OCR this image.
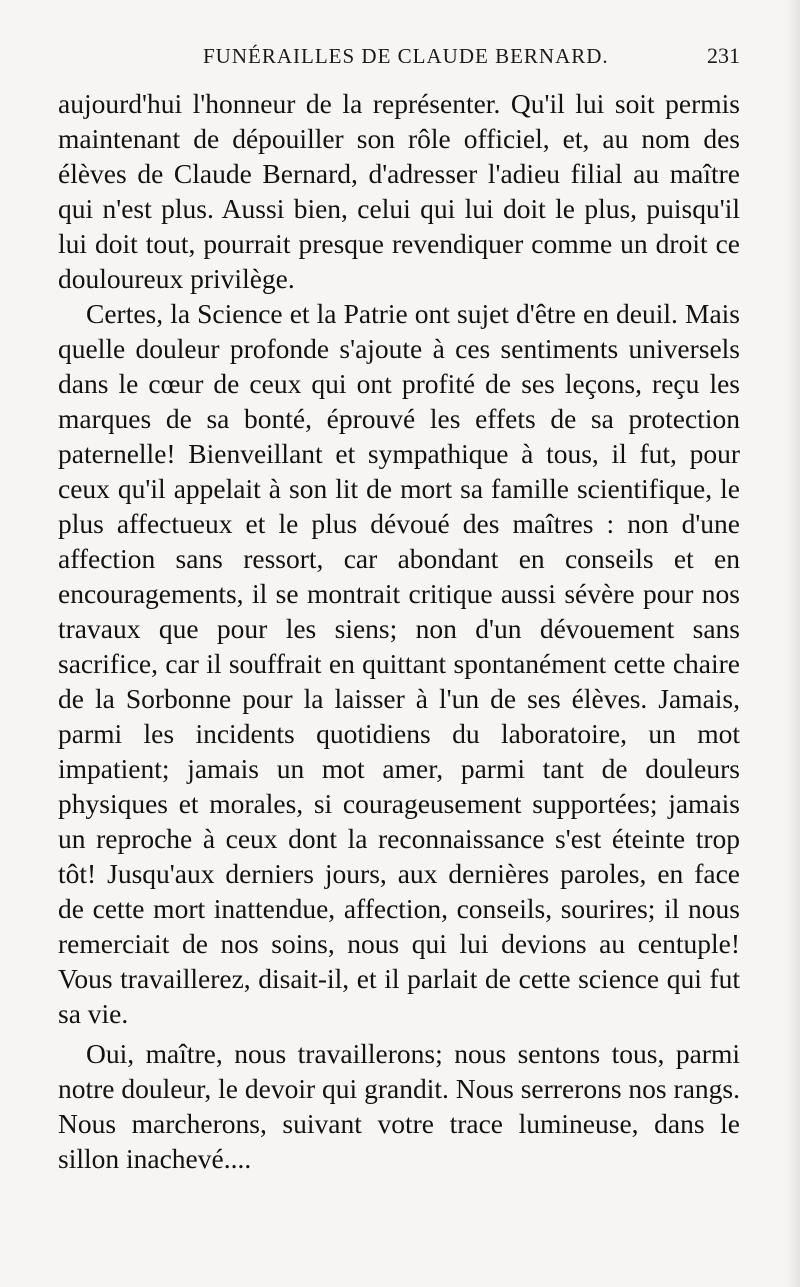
FUNÉRAILLES DE CLAUDE BERNARD.	231

aujourd'hui l'honneur de la représenter. Qu'il lui soit permis maintenant de dépouiller son rôle officiel, et, au nom des élèves de Claude Bernard, d'adresser l'adieu filial au maître qui n'est plus. Aussi bien, celui qui lui doit le plus, puisqu'il lui doit tout, pourrait presque revendiquer comme un droit ce douloureux privilège.

Certes, la Science et la Patrie ont sujet d'être en deuil. Mais quelle douleur profonde s'ajoute à ces sentiments universels dans le cœur de ceux qui ont profité de ses leçons, reçu les marques de sa bonté, éprouvé les effets de sa protection paternelle! Bienveillant et sympathique à tous, il fut, pour ceux qu'il appelait à son lit de mort sa famille scientifique, le plus affectueux et le plus dévoué des maîtres : non d'une affection sans ressort, car abondant en conseils et en encouragements, il se montrait critique aussi sévère pour nos travaux que pour les siens; non d'un dévouement sans sacrifice, car il souffrait en quittant spontanément cette chaire de la Sorbonne pour la laisser à l'un de ses élèves. Jamais, parmi les incidents quotidiens du laboratoire, un mot impatient; jamais un mot amer, parmi tant de douleurs physiques et morales, si courageusement supportées; jamais un reproche à ceux dont la reconnaissance s'est éteinte trop tôt! Jusqu'aux derniers jours, aux dernières paroles, en face de cette mort inattendue, affection, conseils, sourires; il nous remerciait de nos soins, nous qui lui devions au centuple! Vous travaillerez, disait-il, et il parlait de cette science qui fut sa vie.

Oui, maître, nous travaillerons; nous sentons tous, parmi notre douleur, le devoir qui grandit. Nous serrerons nos rangs. Nous marcherons, suivant votre trace lumineuse, dans le sillon inachevé....
